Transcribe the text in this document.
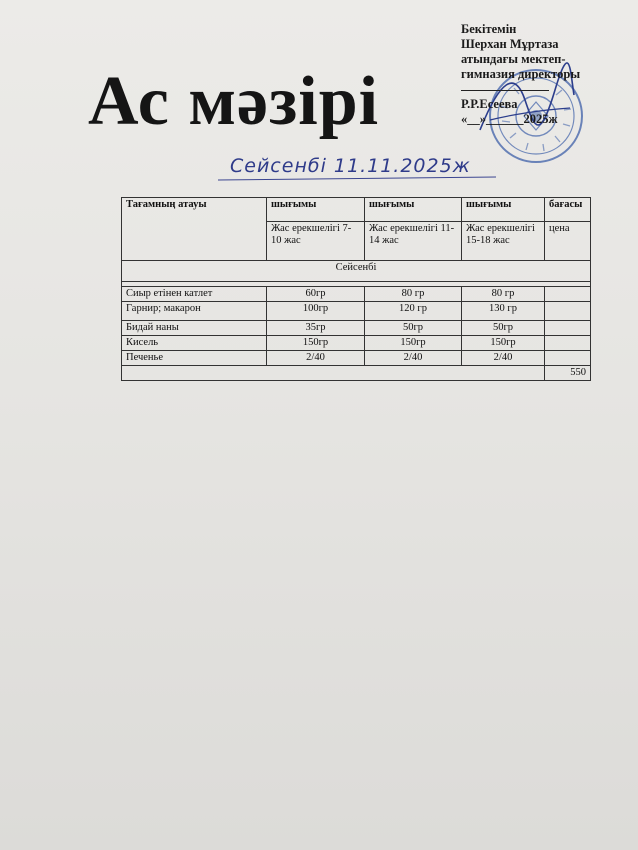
Ас мәзірі
Бекітемін
Шерхан Мұртаза
атындағы мектеп-
гимназия директоры
Р.Р.Есеева
«__»______2025ж
Сейсенбі 11.11.2025ж
Тағамның атауы	шығымы	шығымы	шығымы	бағасы
	Жас ерекшелігі 7-10 жас	Жас ерекшелігі 11-14 жас	Жас ерекшелігі 15-18 жас	цена
Сейсенбі				

Сиыр етінен катлет	60гр	80 гр	80 гр	
Гарнир; макарон	100гр	120 гр	130 гр	
Бидай наны	35гр	50гр	50гр	
Кисель	150гр	150гр	150гр	
Печенье	2/40	2/40	2/40	
				550
